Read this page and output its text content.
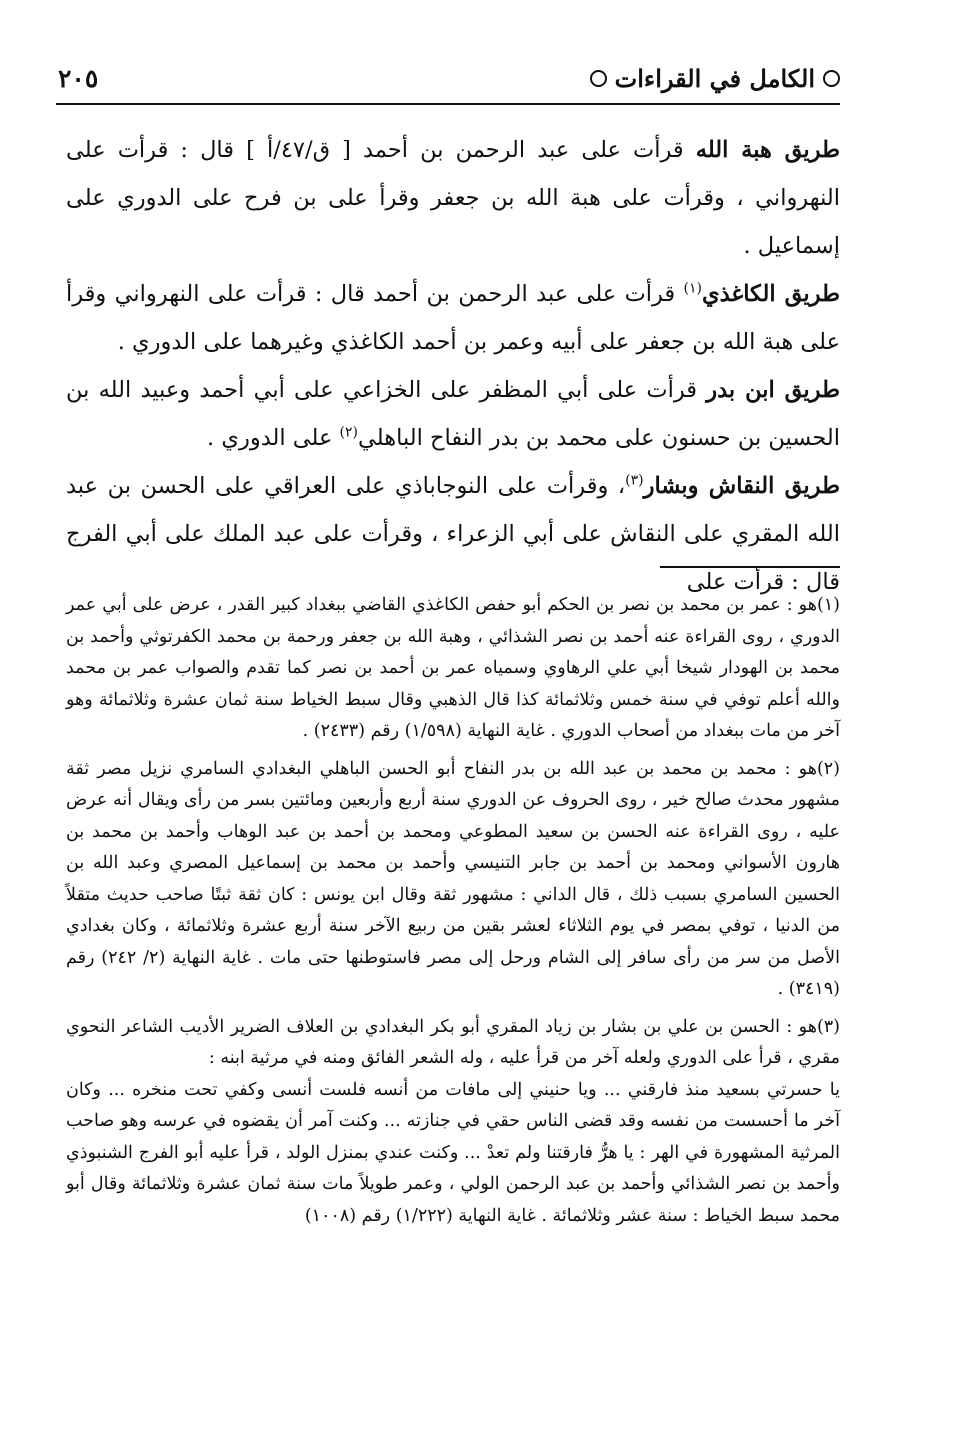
الكامل في القراءات
٢٠٥

طريق هبة الله قرأت على عبد الرحمن بن أحمد [ ق/٤٧/أ ] قال : قرأت على النهرواني ، وقرأت على هبة الله بن جعفر وقرأ على بن فرح على الدوري على إسماعيل .

طريق الكاغذي$^{(١)}$ قرأت على عبد الرحمن بن أحمد قال : قرأت على النهرواني وقرأ على هبة الله بن جعفر على أبيه وعمر بن أحمد الكاغذي وغيرهما على الدوري .

طريق ابن بدر قرأت على أبي المظفر على الخزاعي على أبي أحمد وعبيد الله بن الحسين بن حسنون على محمد بن بدر النفاح الباهلي$^{(٢)}$ على الدوري .

طريق النقاش وبشار$^{(٣)}$، وقرأت على النوجاباذي على العراقي على الحسن بن عبد الله المقري على النقاش على أبي الزعراء ، وقرأت على عبد الملك على أبي الفرج قال : قرأت على

(١)هو : عمر بن محمد بن نصر بن الحكم أبو حفص الكاغذي القاضي ببغداد كبير القدر ، عرض على أبي عمر الدوري ، روى القراءة عنه أحمد بن نصر الشذائي ، وهبة الله بن جعفر ورحمة بن محمد الكفرتوثي وأحمد بن محمد بن الهودار شيخا أبي علي الرهاوي وسمياه عمر بن أحمد بن نصر كما تقدم والصواب عمر بن محمد والله أعلم توفي في سنة خمس وثلاثمائة كذا قال الذهبي وقال سبط الخياط سنة ثمان عشرة وثلاثمائة وهو آخر من مات ببغداد من أصحاب الدوري . غاية النهاية (١/٥٩٨) رقم (٢٤٣٣) .

(٢)هو : محمد بن محمد بن عبد الله بن بدر النفاح أبو الحسن الباهلي البغدادي السامري نزيل مصر ثقة مشهور محدث صالح خير ، روى الحروف عن الدوري سنة أربع وأربعين ومائتين بسر من رأى ويقال أنه عرض عليه ، روى القراءة عنه الحسن بن سعيد المطوعي ومحمد بن أحمد بن عبد الوهاب وأحمد بن محمد بن هارون الأسواني ومحمد بن أحمد بن جابر التنيسي وأحمد بن محمد بن إسماعيل المصري وعبد الله بن الحسين السامري بسبب ذلك ، قال الداني : مشهور ثقة وقال ابن يونس : كان ثقة ثبتًا صاحب حديث متقلاً من الدنيا ، توفي بمصر في يوم الثلاثاء لعشر بقين من ربيع الآخر سنة أربع عشرة وثلاثمائة ، وكان بغدادي الأصل من سر من رأى سافر إلى الشام ورحل إلى مصر فاستوطنها حتى مات . غاية النهاية (٢/ ٢٤٢) رقم (٣٤١٩) .

(٣)هو : الحسن بن علي بن بشار بن زياد المقري أبو بكر البغدادي بن العلاف الضرير الأديب الشاعر النحوي مقري ، قرأ على الدوري ولعله آخر من قرأ عليه ، وله الشعر الفائق ومنه في مرثية ابنه :
يا حسرتي بسعيد منذ فارقني ... ويا حنيني إلى مافات من أنسه فلست أنسى وكفي تحت منخره ... وكان آخر ما أحسست من نفسه وقد قضى الناس حقي في جنازته ... وكنت آمر أن يقضوه في عرسه وهو صاحب المرثية المشهورة في الهر : يا هرُّ فارقتنا ولم تعدْ ... وكنت عندي بمنزل الولد ، قرأ عليه أبو الفرج الشنبوذي وأحمد بن نصر الشذائي وأحمد بن عبد الرحمن الولي ، وعمر طويلاً مات سنة ثمان عشرة وثلاثمائة وقال أبو محمد سبط الخياط : سنة عشر وثلاثمائة . غاية النهاية (١/٢٢٢) رقم (١٠٠٨)
